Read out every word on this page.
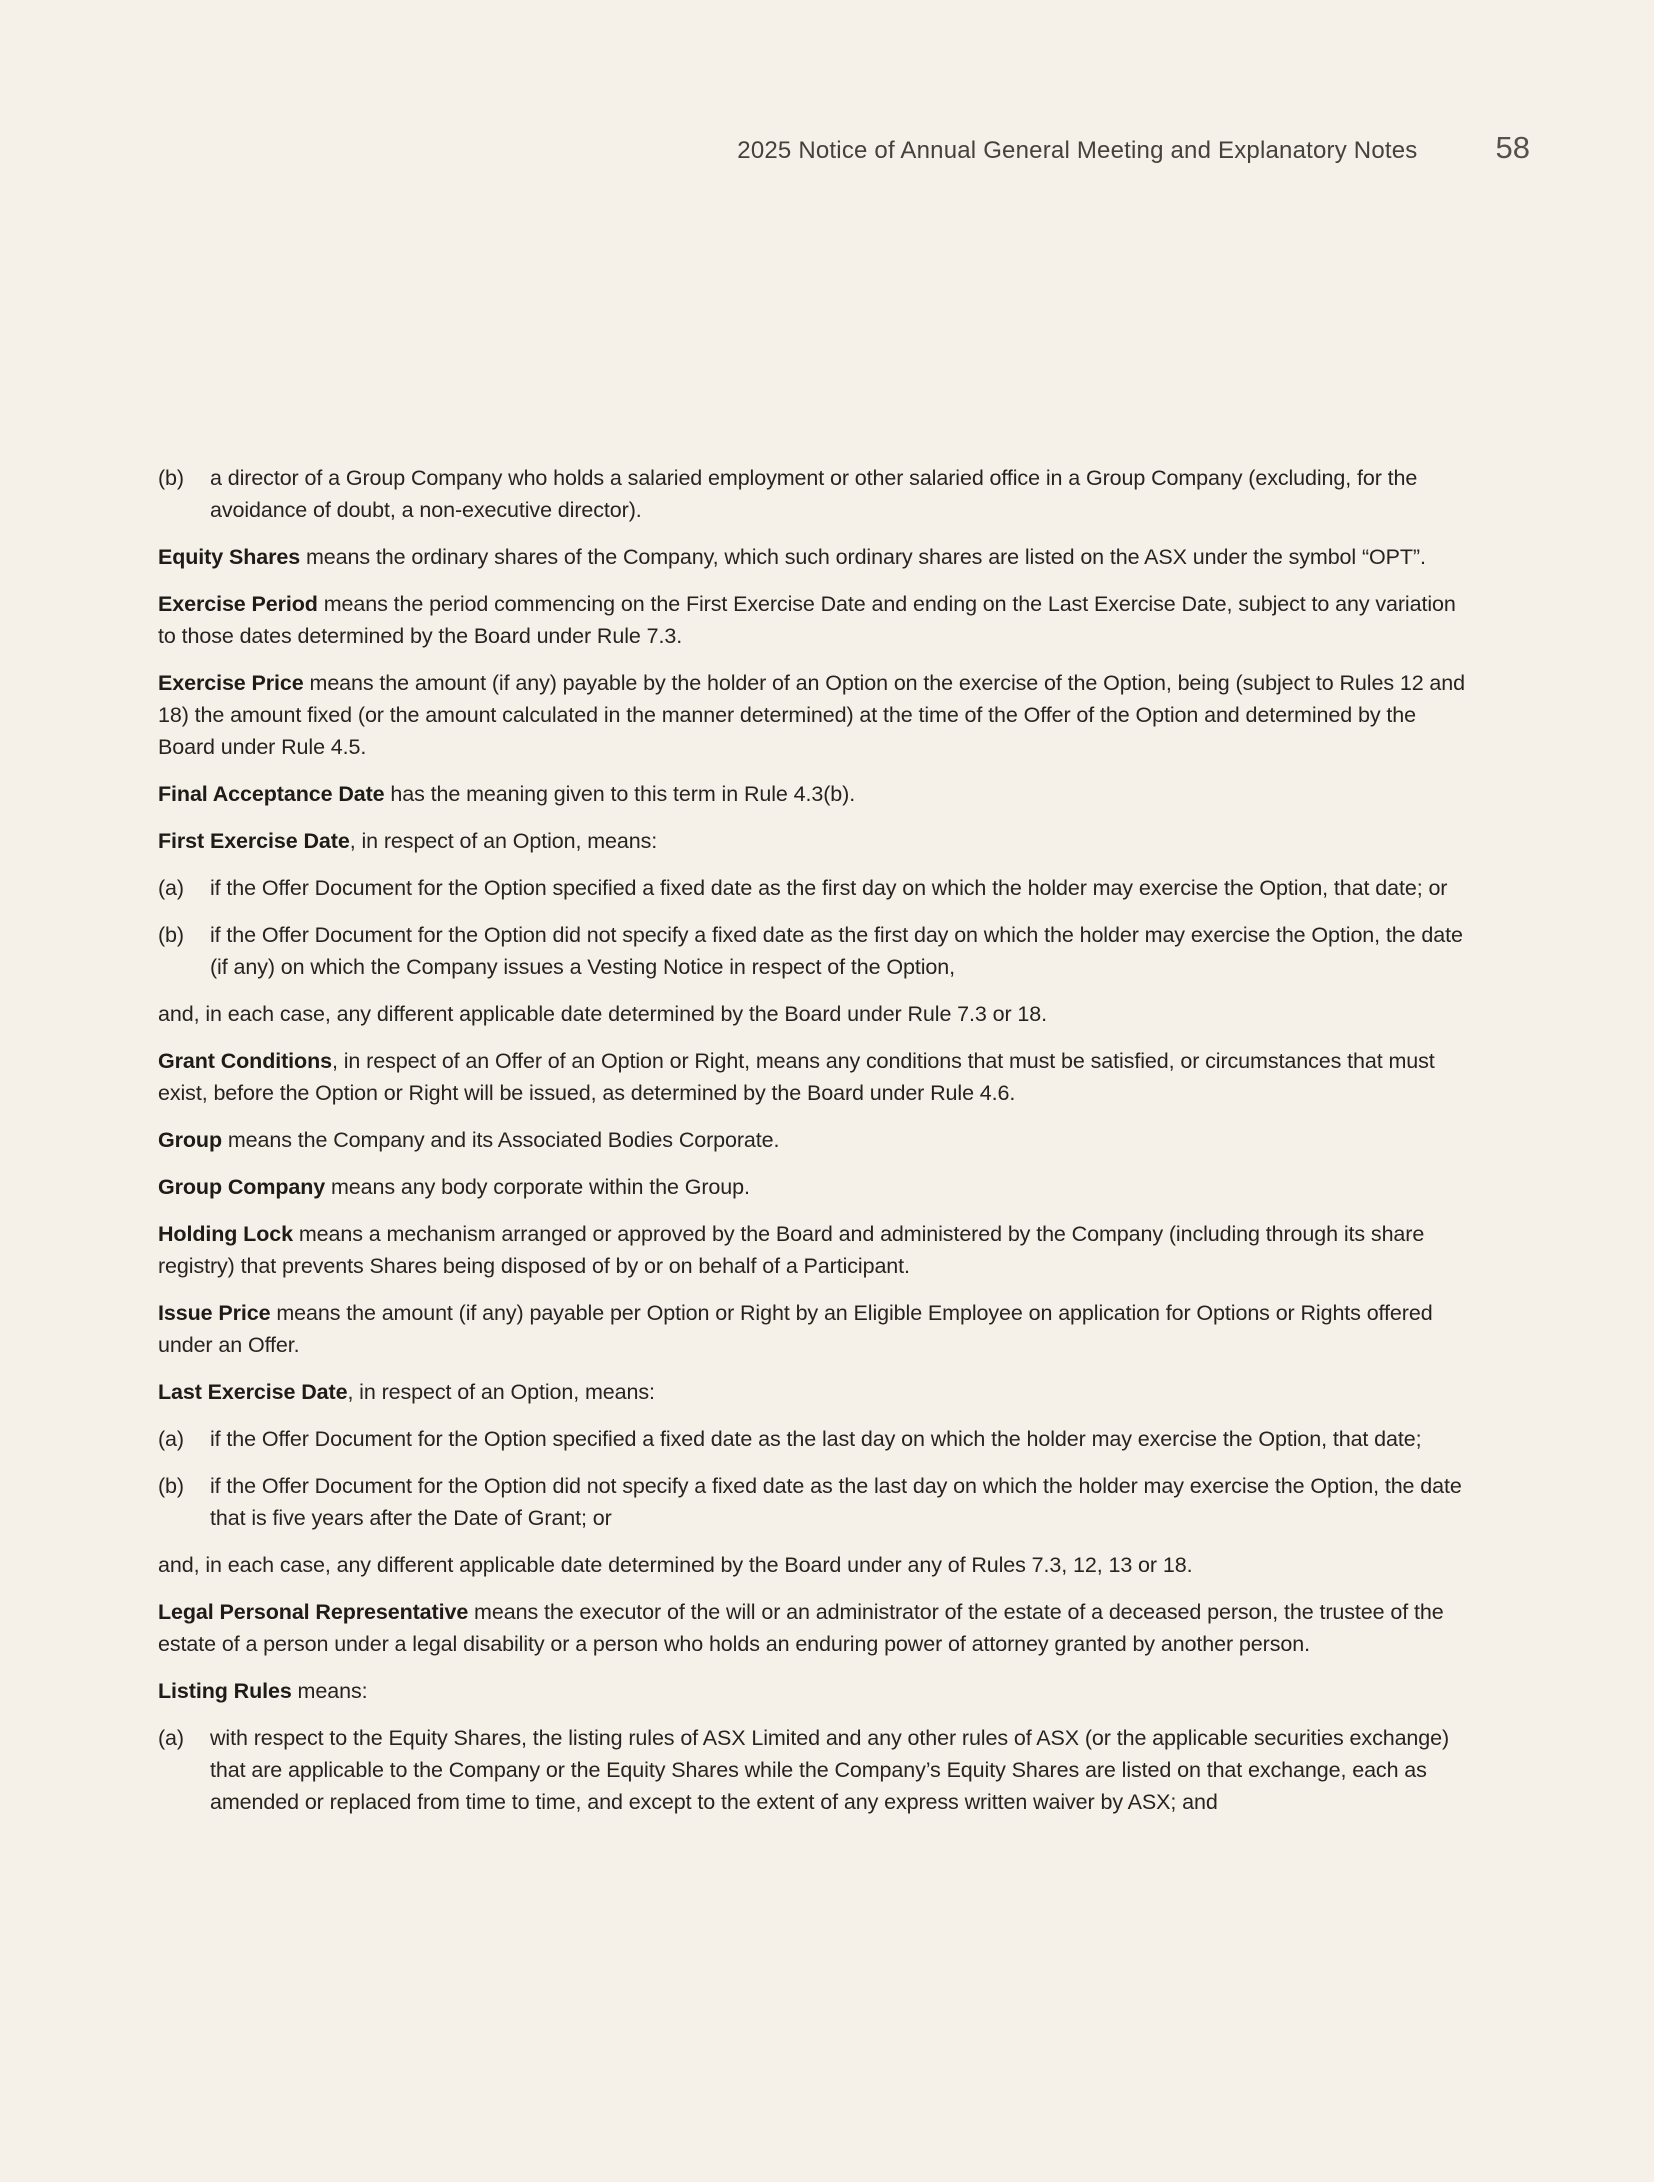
2025 Notice of Annual General Meeting and Explanatory Notes	58
(b) a director of a Group Company who holds a salaried employment or other salaried office in a Group Company (excluding, for the avoidance of doubt, a non-executive director).

Equity Shares means the ordinary shares of the Company, which such ordinary shares are listed on the ASX under the symbol “OPT”.

Exercise Period means the period commencing on the First Exercise Date and ending on the Last Exercise Date, subject to any variation to those dates determined by the Board under Rule 7.3.

Exercise Price means the amount (if any) payable by the holder of an Option on the exercise of the Option, being (subject to Rules 12 and 18) the amount fixed (or the amount calculated in the manner determined) at the time of the Offer of the Option and determined by the Board under Rule 4.5.

Final Acceptance Date has the meaning given to this term in Rule 4.3(b).

First Exercise Date, in respect of an Option, means:

(a) if the Offer Document for the Option specified a fixed date as the first day on which the holder may exercise the Option, that date; or
(b) if the Offer Document for the Option did not specify a fixed date as the first day on which the holder may exercise the Option, the date (if any) on which the Company issues a Vesting Notice in respect of the Option,

and, in each case, any different applicable date determined by the Board under Rule 7.3 or 18.

Grant Conditions, in respect of an Offer of an Option or Right, means any conditions that must be satisfied, or circumstances that must exist, before the Option or Right will be issued, as determined by the Board under Rule 4.6.

Group means the Company and its Associated Bodies Corporate.

Group Company means any body corporate within the Group.

Holding Lock means a mechanism arranged or approved by the Board and administered by the Company (including through its share registry) that prevents Shares being disposed of by or on behalf of a Participant.

Issue Price means the amount (if any) payable per Option or Right by an Eligible Employee on application for Options or Rights offered under an Offer.

Last Exercise Date, in respect of an Option, means:

(a) if the Offer Document for the Option specified a fixed date as the last day on which the holder may exercise the Option, that date;
(b) if the Offer Document for the Option did not specify a fixed date as the last day on which the holder may exercise the Option, the date that is five years after the Date of Grant; or

and, in each case, any different applicable date determined by the Board under any of Rules 7.3, 12, 13 or 18.

Legal Personal Representative means the executor of the will or an administrator of the estate of a deceased person, the trustee of the estate of a person under a legal disability or a person who holds an enduring power of attorney granted by another person.

Listing Rules means:

(a) with respect to the Equity Shares, the listing rules of ASX Limited and any other rules of ASX (or the applicable securities exchange) that are applicable to the Company or the Equity Shares while the Company’s Equity Shares are listed on that exchange, each as amended or replaced from time to time, and except to the extent of any express written waiver by ASX; and
